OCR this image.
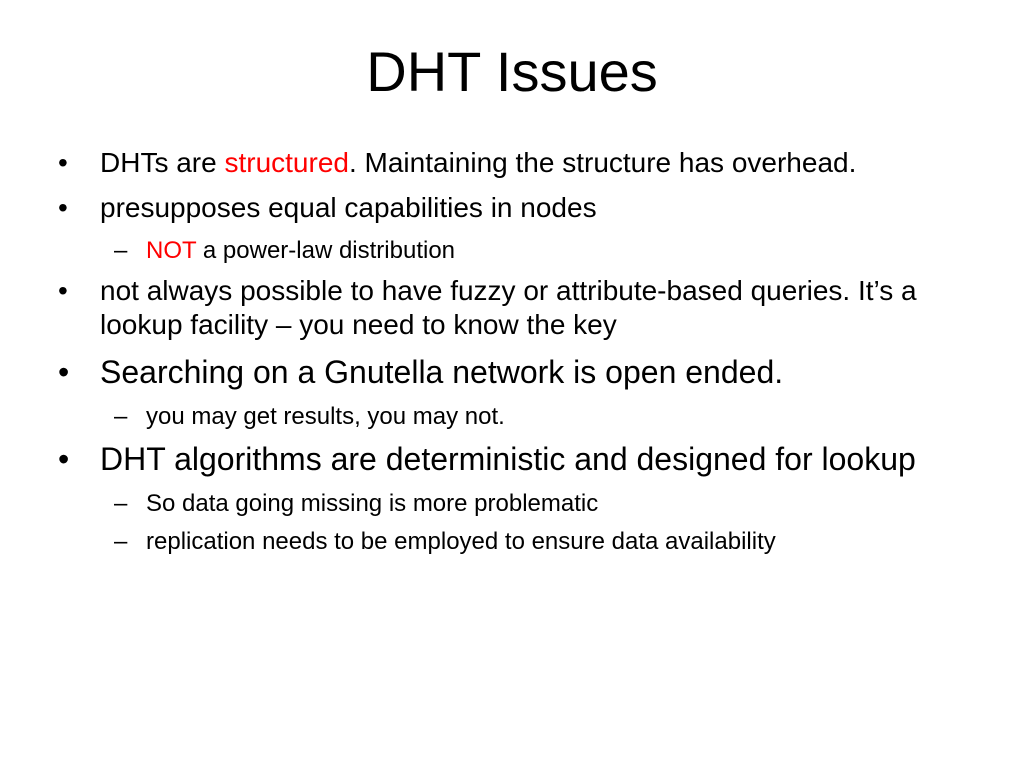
DHT Issues
• DHTs are structured. Maintaining the structure has overhead.
• presupposes equal capabilities in nodes
– NOT a power-law distribution
• not always possible to have fuzzy or attribute-based queries. It’s a lookup facility – you need to know the key
• Searching on a Gnutella network is open ended.
– you may get results, you may not.
• DHT algorithms are deterministic and designed for lookup
– So data going missing is more problematic
– replication needs to be employed to ensure data availability
